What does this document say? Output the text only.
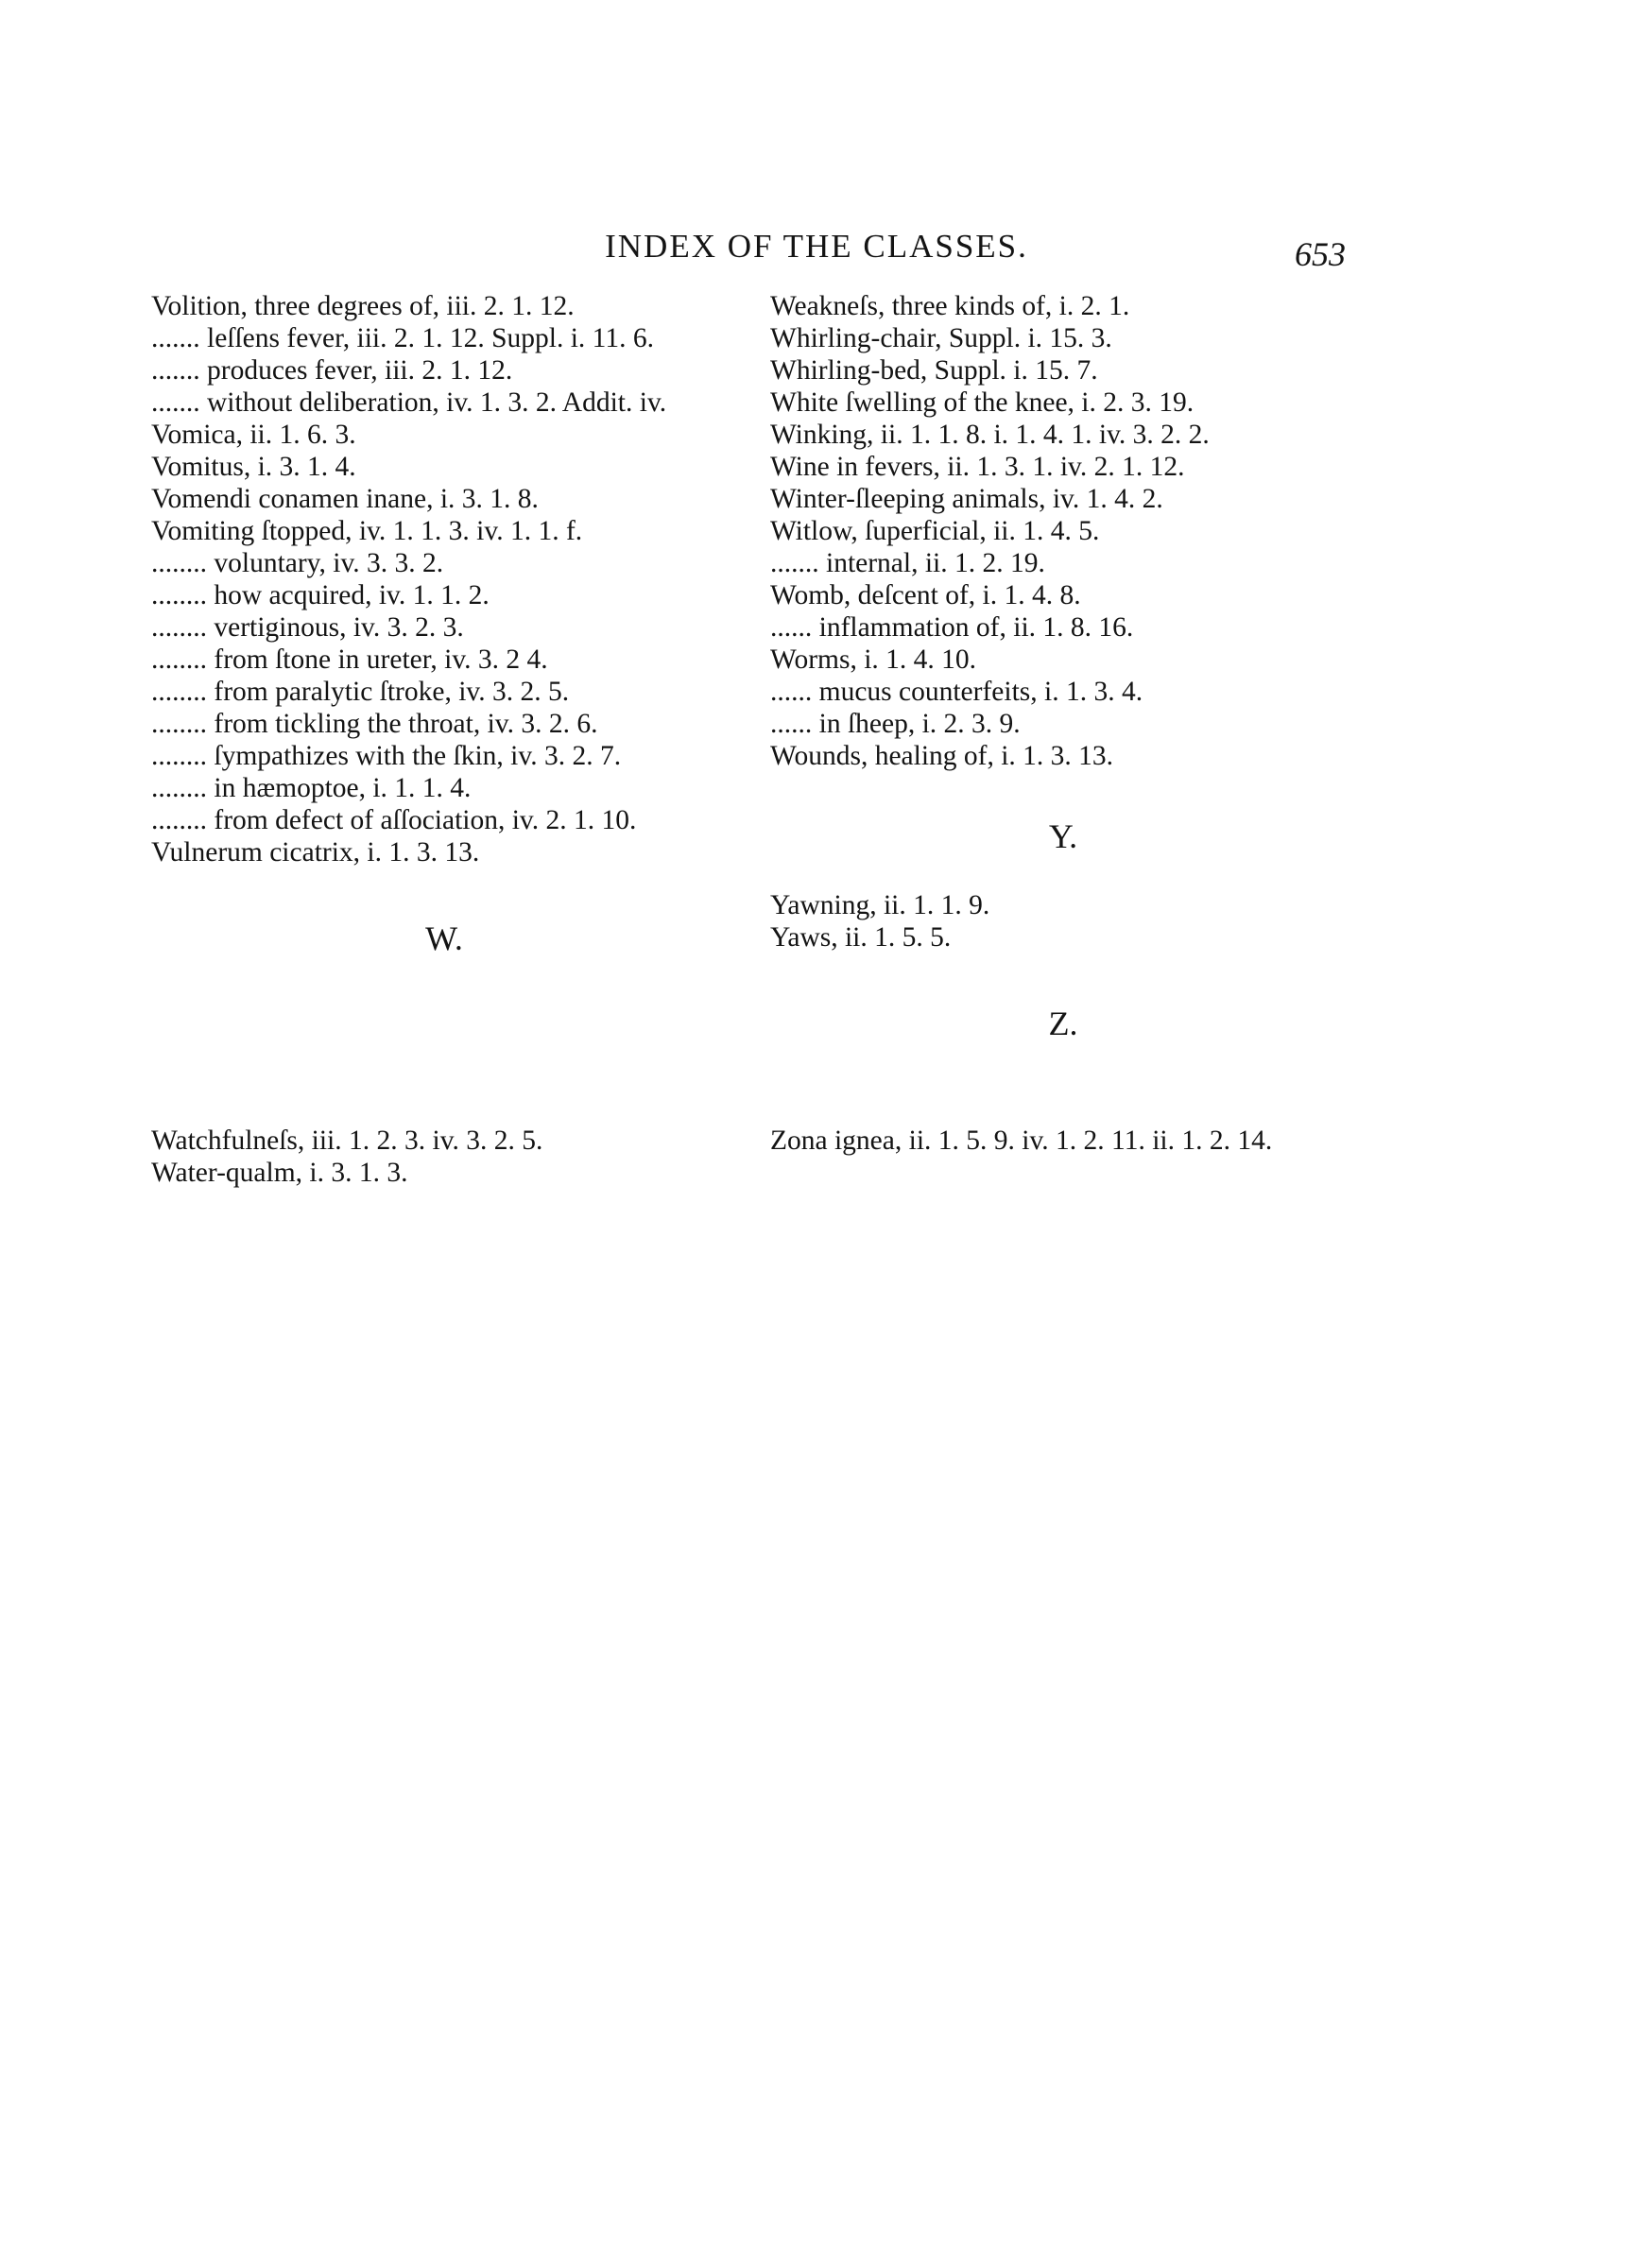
INDEX OF THE CLASSES.	653

Volition, three degrees of, iii. 2. 1. 12.

....... leſſens fever, iii. 2. 1. 12. Suppl. i. 11. 6.

....... produces fever, iii. 2. 1. 12.

....... without deliberation, iv. 1. 3. 2. Addit. iv.

Vomica, ii. 1. 6. 3.

Vomitus, i. 3. 1. 4.

Vomendi conamen inane, i. 3. 1. 8.

Vomiting ſtopped, iv. 1. 1. 3. iv. 1. 1. f.

........ voluntary, iv. 3. 3. 2.

........ how acquired, iv. 1. 1. 2.

........ vertiginous, iv. 3. 2. 3.

........ from ſtone in ureter, iv. 3. 2 4.

........ from paralytic ſtroke, iv. 3. 2. 5.

........ from tickling the throat, iv. 3. 2. 6.

........ ſympathizes with the ſkin, iv. 3. 2. 7.

........ in hæmoptoe, i. 1. 1. 4.

........ from defect of aſſociation, iv. 2. 1. 10.

Vulnerum cicatrix, i. 1. 3. 13.

W.

Weakneſs, three kinds of, i. 2. 1.

Whirling-chair, Suppl. i. 15. 3.

Whirling-bed, Suppl. i. 15. 7.

White ſwelling of the knee, i. 2. 3. 19.

Winking, ii. 1. 1. 8. i. 1. 4. 1. iv. 3. 2. 2.

Wine in fevers, ii. 1. 3. 1. iv. 2. 1. 12.

Winter-ſleeping animals, iv. 1. 4. 2.

Witlow, ſuperficial, ii. 1. 4. 5.

....... internal, ii. 1. 2. 19.

Womb, deſcent of, i. 1. 4. 8.

...... inflammation of, ii. 1. 8. 16.

Worms, i. 1. 4. 10.

...... mucus counterfeits, i. 1. 3. 4.

...... in ſheep, i. 2. 3. 9.

Wounds, healing of, i. 1. 3. 13.

Y.

Yawning, ii. 1. 1. 9.

Yaws, ii. 1. 5. 5.

Z.

Watchfulneſs, iii. 1. 2. 3. iv. 3. 2. 5.

Water-qualm, i. 3. 1. 3.

Zona ignea, ii. 1. 5. 9. iv. 1. 2. 11. ii. 1. 2. 14.
